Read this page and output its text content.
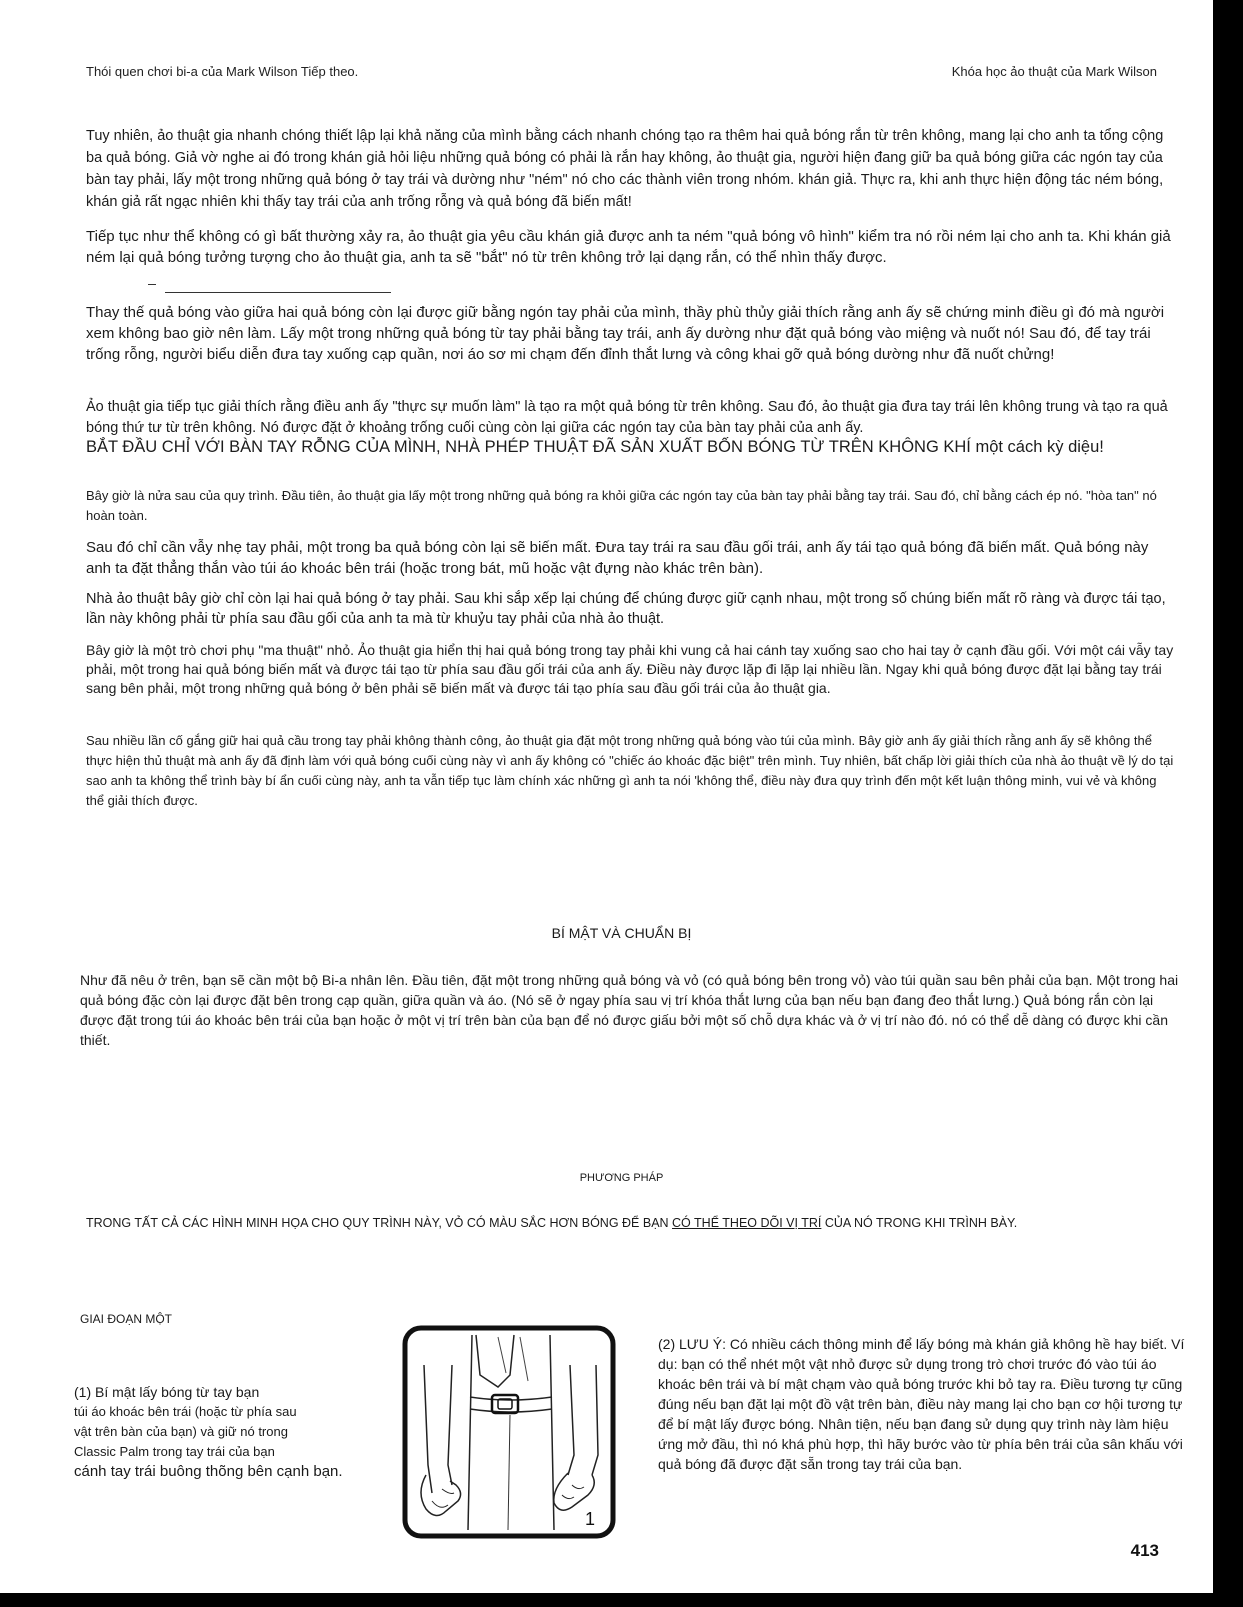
Thói quen chơi bi-a của Mark Wilson Tiếp theo.	Khóa học ảo thuật của Mark Wilson

Tuy nhiên, ảo thuật gia nhanh chóng thiết lập lại khả năng của mình bằng cách nhanh chóng tạo ra thêm hai quả bóng rắn từ trên không, mang lại cho anh ta tổng cộng ba quả bóng. Giả vờ nghe ai đó trong khán giả hỏi liệu những quả bóng có phải là rắn hay không, ảo thuật gia, người hiện đang giữ ba quả bóng giữa các ngón tay của bàn tay phải, lấy một trong những quả bóng ở tay trái và dường như "ném" nó cho các thành viên trong nhóm. khán giả. Thực ra, khi anh thực hiện động tác ném bóng, khán giả rất ngạc nhiên khi thấy tay trái của anh trống rỗng và quả bóng đã biến mất!

Tiếp tục như thể không có gì bất thường xảy ra, ảo thuật gia yêu cầu khán giả được anh ta ném "quả bóng vô hình" kiểm tra nó rồi ném lại cho anh ta. Khi khán giả ném lại quả bóng tưởng tượng cho ảo thuật gia, anh ta sẽ "bắt" nó từ trên không trở lại dạng rắn, có thể nhìn thấy được.

Thay thế quả bóng vào giữa hai quả bóng còn lại được giữ bằng ngón tay phải của mình, thầy phù thủy giải thích rằng anh ấy sẽ chứng minh điều gì đó mà người xem không bao giờ nên làm. Lấy một trong những quả bóng từ tay phải bằng tay trái, anh ấy dường như đặt quả bóng vào miệng và nuốt nó! Sau đó, để tay trái trống rỗng, người biểu diễn đưa tay xuống cạp quần, nơi áo sơ mi chạm đến đỉnh thắt lưng và công khai gỡ quả bóng dường như đã nuốt chửng!

Ảo thuật gia tiếp tục giải thích rằng điều anh ấy "thực sự muốn làm" là tạo ra một quả bóng từ trên không. Sau đó, ảo thuật gia đưa tay trái lên không trung và tạo ra quả bóng thứ tư từ trên không. Nó được đặt ở khoảng trống cuối cùng còn lại giữa các ngón tay của bàn tay phải của anh ấy.

BẮT ĐẦU CHỈ VỚI BÀN TAY RỖNG CỦA MÌNH, NHÀ PHÉP THUẬT ĐÃ SẢN XUẤT BỐN BÓNG TỪ TRÊN KHÔNG KHÍ một cách kỳ diệu!

Bây giờ là nửa sau của quy trình. Đầu tiên, ảo thuật gia lấy một trong những quả bóng ra khỏi giữa các ngón tay của bàn tay phải bằng tay trái. Sau đó, chỉ bằng cách ép nó. "hòa tan" nó hoàn toàn.

Sau đó chỉ cần vẫy nhẹ tay phải, một trong ba quả bóng còn lại sẽ biến mất. Đưa tay trái ra sau đầu gối trái, anh ấy tái tạo quả bóng đã biến mất. Quả bóng này anh ta đặt thẳng thắn vào túi áo khoác bên trái (hoặc trong bát, mũ hoặc vật đựng nào khác trên bàn).

Nhà ảo thuật bây giờ chỉ còn lại hai quả bóng ở tay phải. Sau khi sắp xếp lại chúng để chúng được giữ cạnh nhau, một trong số chúng biến mất rõ ràng và được tái tạo, lần này không phải từ phía sau đầu gối của anh ta mà từ khuỷu tay phải của nhà ảo thuật.

Bây giờ là một trò chơi phụ "ma thuật" nhỏ. Ảo thuật gia hiển thị hai quả bóng trong tay phải khi vung cả hai cánh tay xuống sao cho hai tay ở cạnh đầu gối. Với một cái vẫy tay phải, một trong hai quả bóng biến mất và được tái tạo từ phía sau đầu gối trái của anh ấy. Điều này được lặp đi lặp lại nhiều lần. Ngay khi quả bóng được đặt lại bằng tay trái sang bên phải, một trong những quả bóng ở bên phải sẽ biến mất và được tái tạo phía sau đầu gối trái của ảo thuật gia.

Sau nhiều lần cố gắng giữ hai quả cầu trong tay phải không thành công, ảo thuật gia đặt một trong những quả bóng vào túi của mình. Bây giờ anh ấy giải thích rằng anh ấy sẽ không thể thực hiện thủ thuật mà anh ấy đã định làm với quả bóng cuối cùng này vì anh ấy không có "chiếc áo khoác đặc biệt" trên mình. Tuy nhiên, bất chấp lời giải thích của nhà ảo thuật về lý do tại sao anh ta không thể trình bày bí ẩn cuối cùng này, anh ta vẫn tiếp tục làm chính xác những gì anh ta nói 'không thể, điều này đưa quy trình đến một kết luận thông minh, vui vẻ và không thể giải thích được.

BÍ MẬT VÀ CHUẨN BỊ

Như đã nêu ở trên, bạn sẽ cần một bộ Bi-a nhân lên. Đầu tiên, đặt một trong những quả bóng và vỏ (có quả bóng bên trong vỏ) vào túi quần sau bên phải của bạn. Một trong hai quả bóng đặc còn lại được đặt bên trong cạp quần, giữa quần và áo. (Nó sẽ ở ngay phía sau vị trí khóa thắt lưng của bạn nếu bạn đang đeo thắt lưng.) Quả bóng rắn còn lại được đặt trong túi áo khoác bên trái của bạn hoặc ở một vị trí trên bàn của bạn để nó được giấu bởi một số chỗ dựa khác và ở vị trí nào đó. nó có thể dễ dàng có được khi cần thiết.

PHƯƠNG PHÁP
TRONG TẤT CẢ CÁC HÌNH MINH HỌA CHO QUY TRÌNH NÀY, VỎ CÓ MÀU SẮC HƠN BÓNG ĐỂ BẠN CÓ THỂ THEO DÕI VỊ TRÍ CỦA NÓ TRONG KHI TRÌNH BÀY.
GIAI ĐOẠN MỘT
(1) Bí mật lấy bóng từ tay bạn
túi áo khoác bên trái (hoặc từ phía sau
vật trên bàn của bạn) và giữ nó trong
Classic Palm trong tay trái của bạn
cánh tay trái buông thõng bên cạnh bạn.
1

(2) LƯU Ý: Có nhiều cách thông minh để lấy bóng mà khán giả không hề hay biết. Ví dụ: bạn có thể nhét một vật nhỏ được sử dụng trong trò chơi trước đó vào túi áo khoác bên trái và bí mật chạm vào quả bóng trước khi bỏ tay ra. Điều tương tự cũng đúng nếu bạn đặt lại một đồ vật trên bàn, điều này mang lại cho bạn cơ hội tương tự để bí mật lấy được bóng. Nhân tiện, nếu bạn đang sử dụng quy trình này làm hiệu ứng mở đầu, thì nó khá phù hợp, thì hãy bước vào từ phía bên trái của sân khấu với quả bóng đã được đặt sẵn trong tay trái của bạn.

413
